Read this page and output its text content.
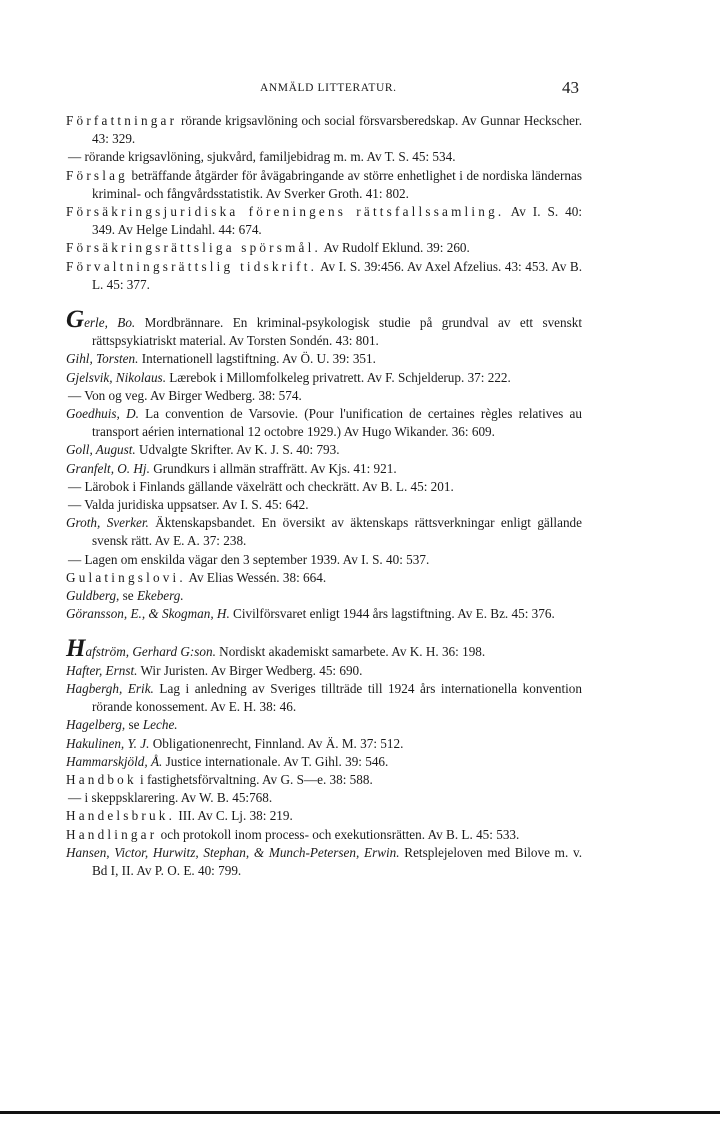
ANMÄLD LITTERATUR.	43

Författningar rörande krigsavlöning och social försvarsberedskap. Av Gunnar Heckscher. 43: 329.

— rörande krigsavlöning, sjukvård, familjebidrag m. m. Av T. S. 45: 534.

Förslag beträffande åtgärder för åvägabringande av större enhetlighet i de nordiska ländernas kriminal- och fångvårdsstatistik. Av Sverker Groth. 41: 802.

Försäkringsjuridiska föreningens rättsfallssamling. Av I. S. 40: 349. Av Helge Lindahl. 44: 674.

Försäkringsrättsliga spörsmål. Av Rudolf Eklund. 39: 260.

Förvaltningsrättslig tidskrift. Av I. S. 39:456. Av Axel Afzelius. 43: 453. Av B. L. 45: 377.

Gerle, Bo. Mordbrännare. En kriminal-psykologisk studie på grundval av ett svenskt rättspsykiatriskt material. Av Torsten Sondén. 43: 801.

Gihl, Torsten. Internationell lagstiftning. Av Ö. U. 39: 351.

Gjelsvik, Nikolaus. Lærebok i Millomfolkeleg privatrett. Av F. Schjelderup. 37: 222.

— Von og veg. Av Birger Wedberg. 38: 574.

Goedhuis, D. La convention de Varsovie. (Pour l'unification de certaines règles relatives au transport aérien international 12 octobre 1929.) Av Hugo Wikander. 36: 609.

Goll, August. Udvalgte Skrifter. Av K. J. S. 40: 793.

Granfelt, O. Hj. Grundkurs i allmän straffrätt. Av Kjs. 41: 921.

— Lärobok i Finlands gällande växelrätt och checkrätt. Av B. L. 45: 201.

— Valda juridiska uppsatser. Av I. S. 45: 642.

Groth, Sverker. Äktenskapsbandet. En översikt av äktenskaps rättsverkningar enligt gällande svensk rätt. Av E. A. 37: 238.

— Lagen om enskilda vägar den 3 september 1939. Av I. S. 40: 537.

Gulatingslovi. Av Elias Wessén. 38: 664.

Guldberg, se Ekeberg.

Göransson, E., & Skogman, H. Civilförsvaret enligt 1944 års lagstiftning. Av E. Bz. 45: 376.

Hafström, Gerhard G:son. Nordiskt akademiskt samarbete. Av K. H. 36: 198.

Hafter, Ernst. Wir Juristen. Av Birger Wedberg. 45: 690.

Hagbergh, Erik. Lag i anledning av Sveriges tillträde till 1924 års internationella konvention rörande konossement. Av E. H. 38: 46.

Hagelberg, se Leche.

Hakulinen, Y. J. Obligationenrecht, Finnland. Av Ä. M. 37: 512.

Hammarskjöld, Å. Justice internationale. Av T. Gihl. 39: 546.

Handbok i fastighetsförvaltning. Av G. S—e. 38: 588.

— i skeppsklarering. Av W. B. 45:768.

Handelsbruk. III. Av C. Lj. 38: 219.

Handlingar och protokoll inom process- och exekutionsrätten. Av B. L. 45: 533.

Hansen, Victor, Hurwitz, Stephan, & Munch-Petersen, Erwin. Retsplejeloven med Bilove m. v. Bd I, II. Av P. O. E. 40: 799.
